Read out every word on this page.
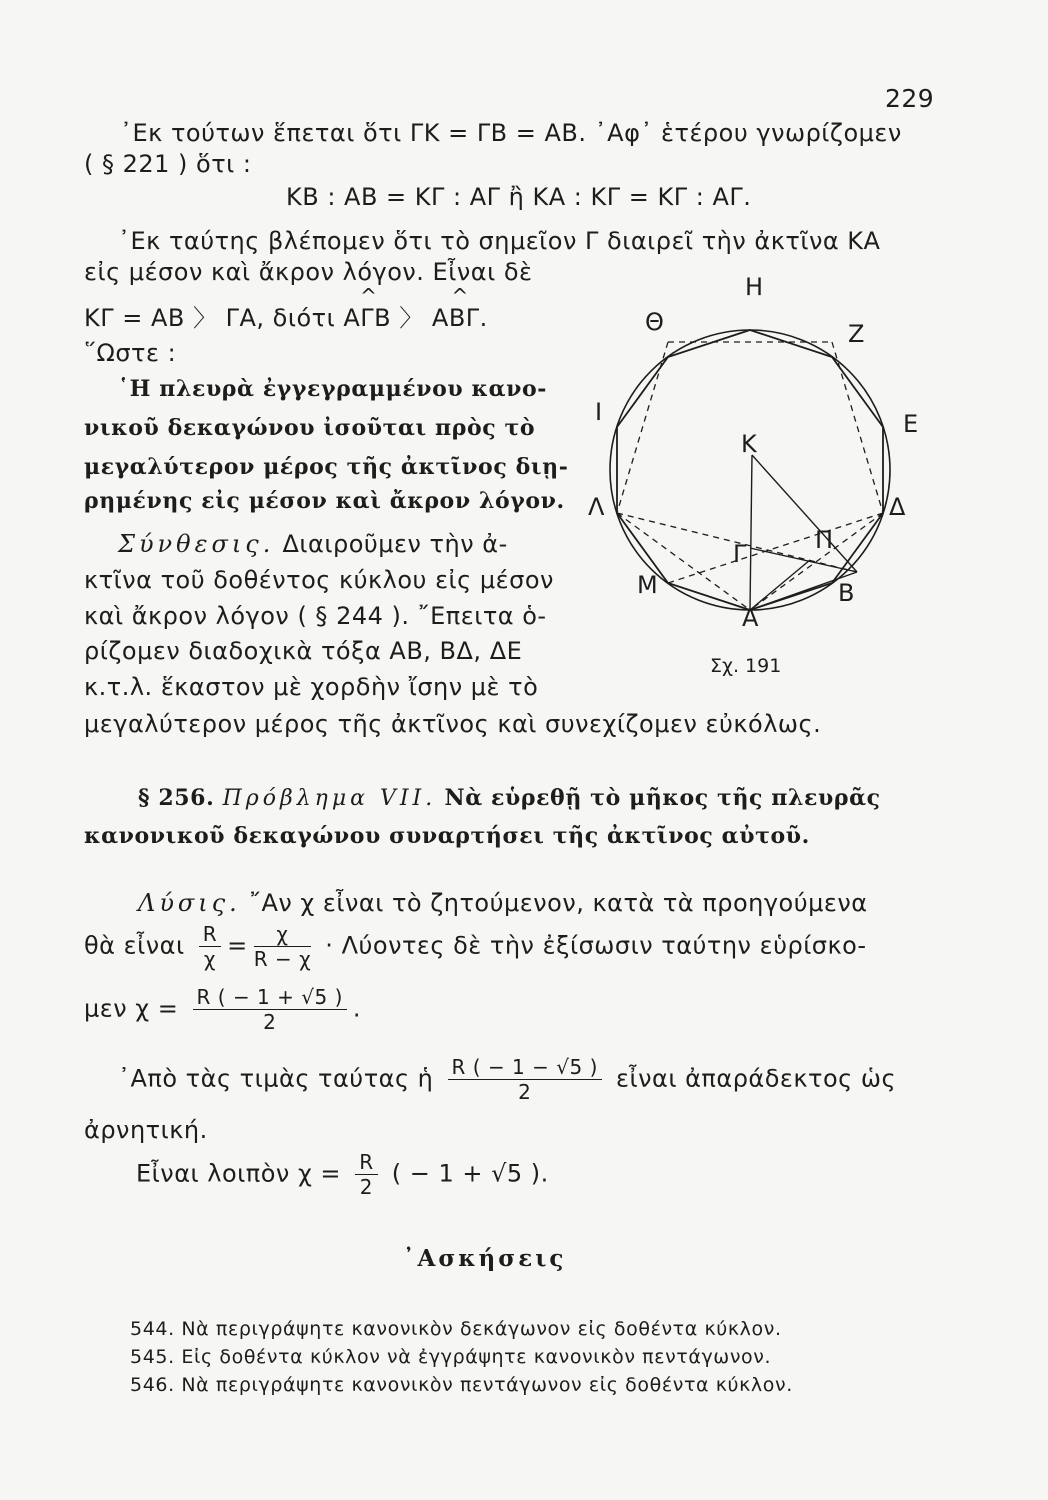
229
᾿Εκ τούτων ἕπεται ὅτι ΓΚ = ΓΒ = ΑΒ. ᾿Αφ᾿ ἑτέρου γνωρίζομεν
( § 221 ) ὅτι :
ΚΒ : ΑΒ = ΚΓ : ΑΓ ἢ ΚΑ : ΚΓ = ΚΓ : ΑΓ.
᾿Εκ ταύτης βλέπομεν ὅτι τὸ σημεῖον Γ διαιρεῖ τὴν ἀκτῖνα ΚΑ
εἰς μέσον καὶ ἄκρον λόγον. Εἶναι δὲ
ΚΓ = ΑΒ 〉 ΓΑ, διότι ^ ΑΓΒ 〉 ^ ΑΒΓ.
῞Ωστε :
῾Η πλευρὰ ἐγγεγραμμένου κανο-
νικοῦ δεκαγώνου ἰσοῦται πρὸς τὸ
μεγαλύτερον μέρος τῆς ἀκτῖνος διῃ-
ρημένης εἰς μέσον καὶ ἄκρον λόγον.
Σύνθεσις. Διαιροῦμεν τὴν ἀ-
κτῖνα τοῦ δοθέντος κύκλου εἰς μέσον
καὶ ἄκρον λόγον ( § 244 ). ῎Επειτα ὁ-
ρίζομεν διαδοχικὰ τόξα ΑΒ, ΒΔ, ΔΕ
κ.τ.λ. ἕκαστον μὲ χορδὴν ἴσην μὲ τὸ
μεγαλύτερον μέρος τῆς ἀκτῖνος καὶ συνεχίζομεν εὐκόλως.
Η
Θ	Ζ
Ι	Ε
Κ
Λ	Δ
Π
Γ
Μ	Β
Α
Σχ. 191
§ 256. Πρόβλημα VII. Νὰ εὑρεθῇ τὸ μῆκος τῆς πλευρᾶς
κανονικοῦ δεκαγώνου συναρτήσει τῆς ἀκτῖνος αὐτοῦ.
Λύσις. ῎Αν χ εἶναι τὸ ζητούμενον, κατὰ τὰ προηγούμενα
θὰ εἶναι $\frac{R}{\chi} = \frac{\chi}{R - \chi} \cdot \Lambda ύo\nu\tau\varepsilon\varsigma$ δὲ τὴν ἐξίσωσιν ταύτην εὑρίσκο-
μεν $\chi = \frac{R ( - 1 + √5 )}{2}$ .
᾿Απὸ τὰς τιμὰς ταύτας ἡ $\frac{R ( - 1 - √5 )}{2}$ εἶναι ἀπαράδεκτος ὡς
ἀρνητική.
Εἶναι λοιπὸν $\chi = \frac{R}{2}$ ( − 1 + √5 ).
᾿Ασκήσεις
544. Νὰ περιγράψητε κανονικὸν δεκάγωνον εἰς δοθέντα κύκλον.
545. Εἰς δοθέντα κύκλον νὰ ἐγγράψητε κανονικὸν πεντάγωνον.
546. Νὰ περιγράψητε κανονικὸν πεντάγωνον εἰς δοθέντα κύκλον.
